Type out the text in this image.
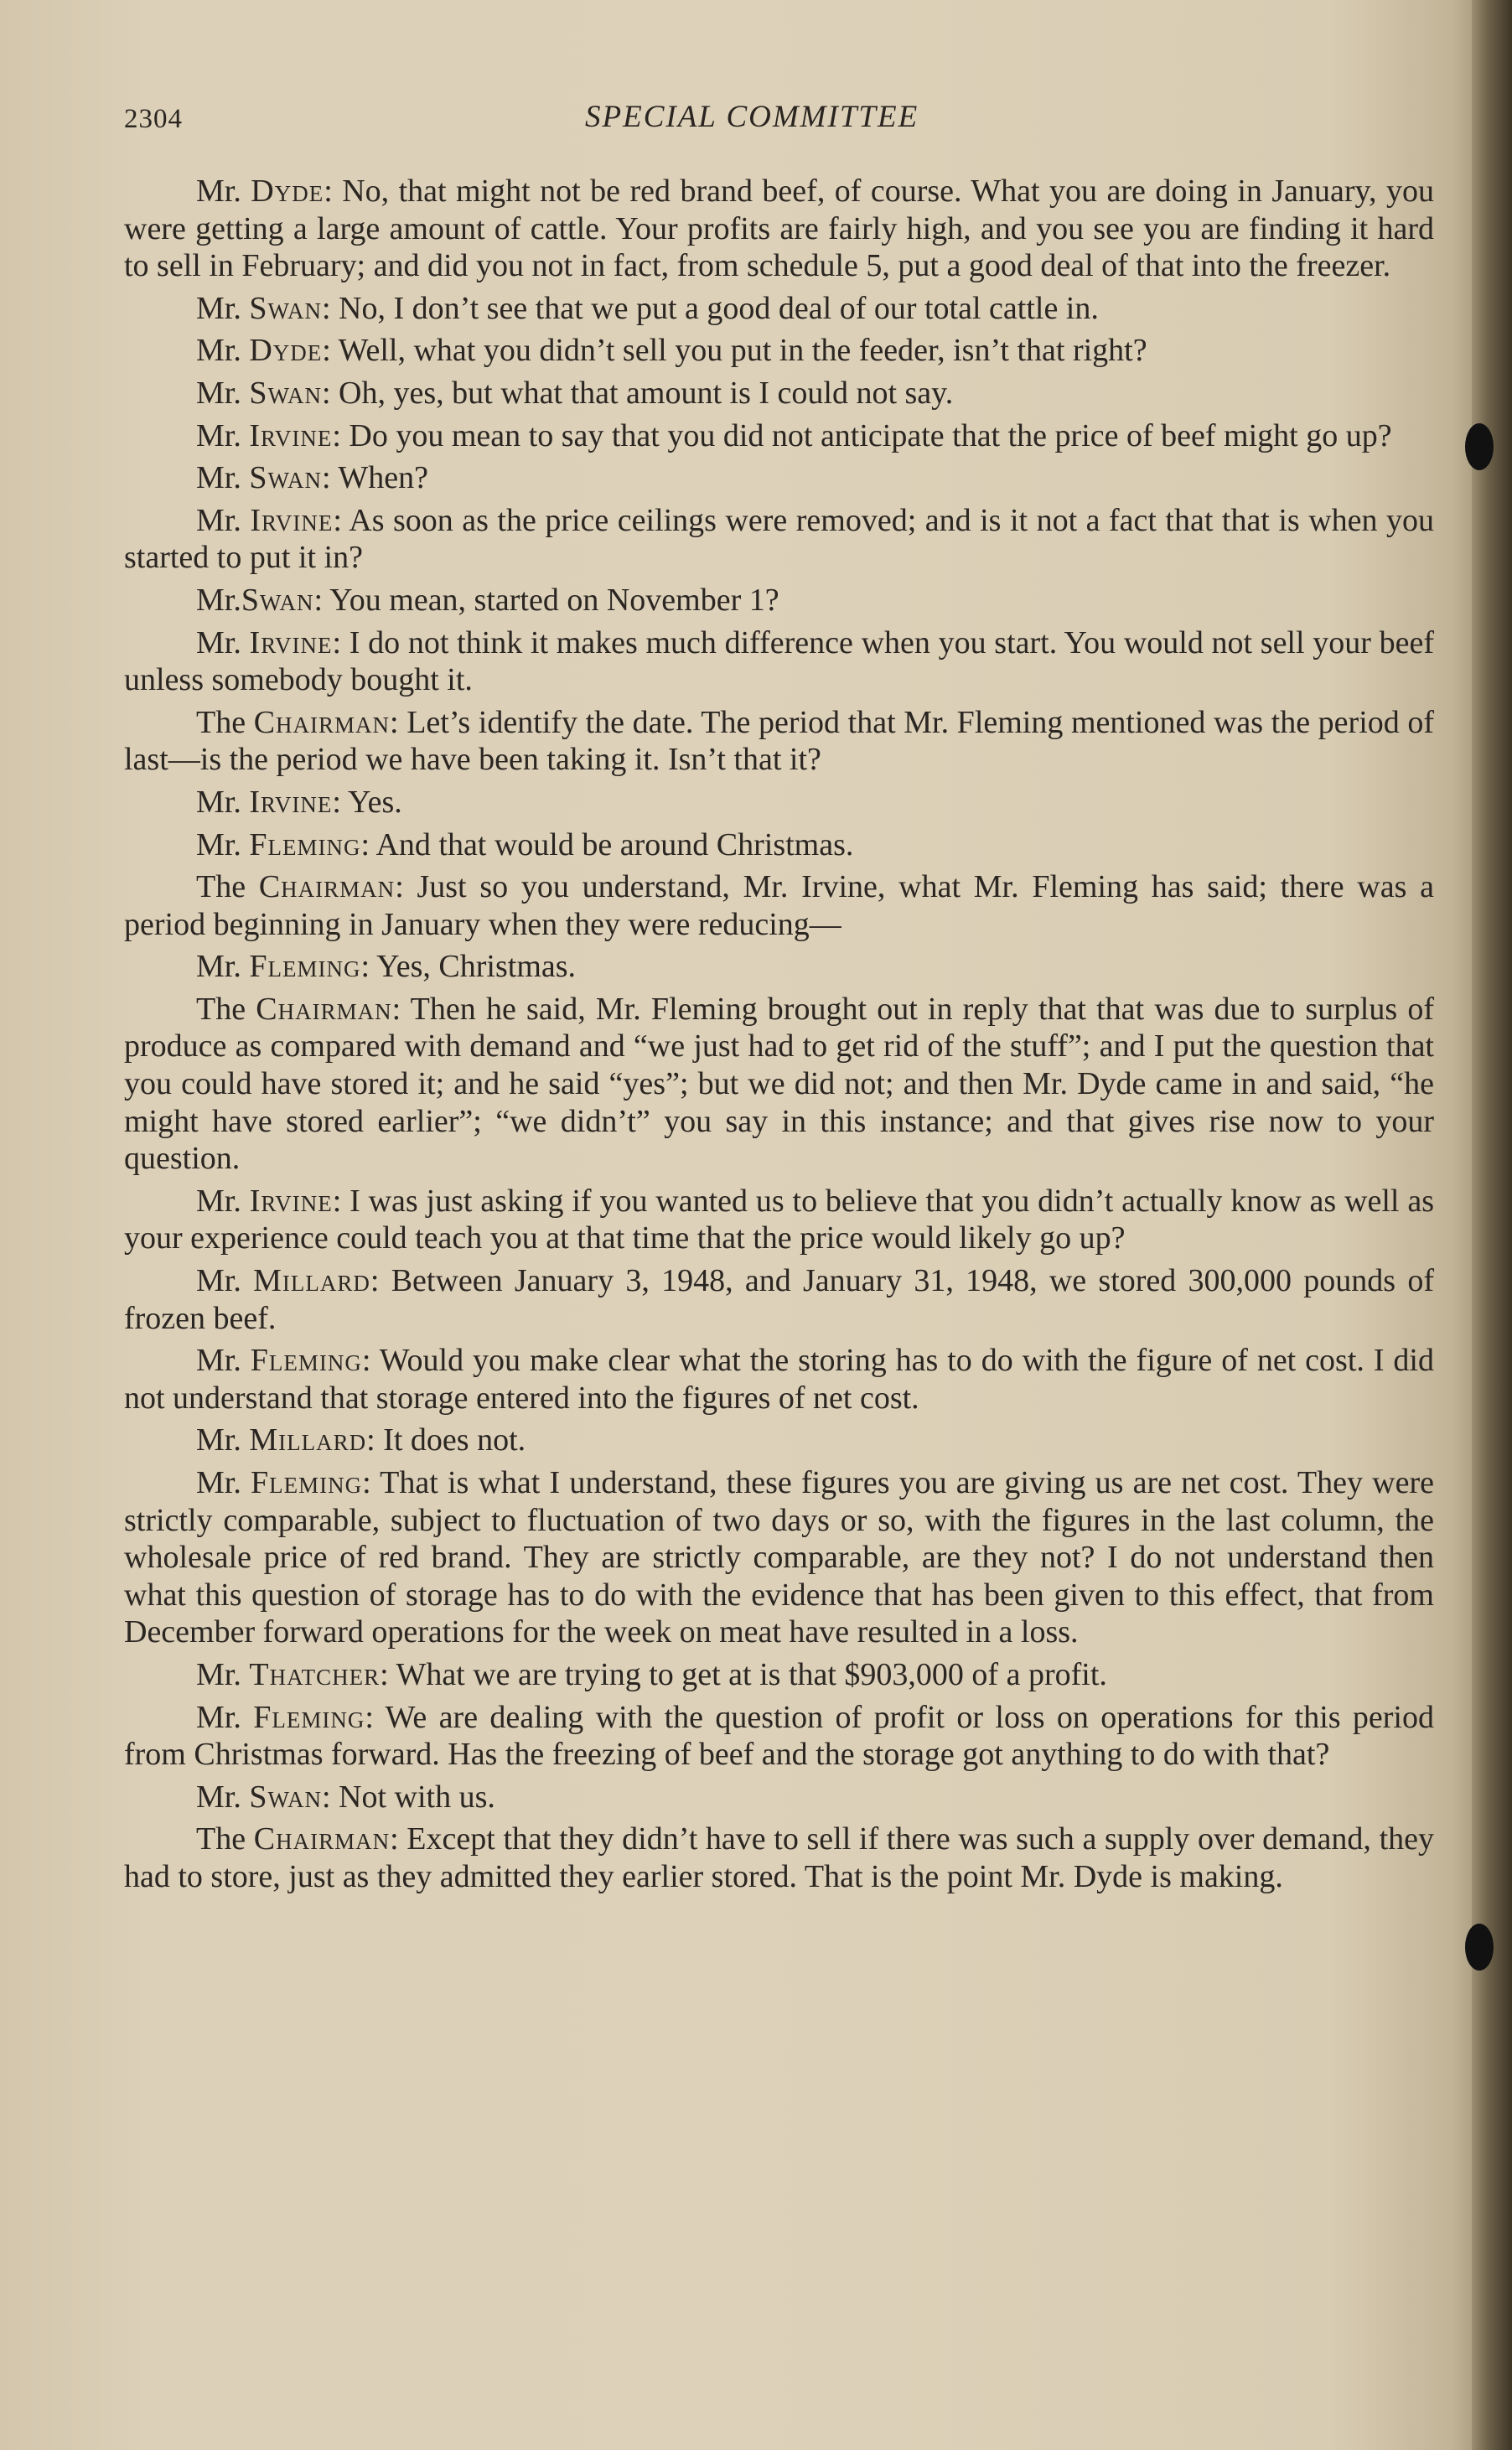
2304	SPECIAL COMMITTEE

Mr. Dyde: No, that might not be red brand beef, of course. What you are doing in January, you were getting a large amount of cattle. Your profits are fairly high, and you see you are finding it hard to sell in February; and did you not in fact, from schedule 5, put a good deal of that into the freezer.

Mr. Swan: No, I don’t see that we put a good deal of our total cattle in.

Mr. Dyde: Well, what you didn’t sell you put in the feeder, isn’t that right?

Mr. Swan: Oh, yes, but what that amount is I could not say.

Mr. Irvine: Do you mean to say that you did not anticipate that the price of beef might go up?

Mr. Swan: When?

Mr. Irvine: As soon as the price ceilings were removed; and is it not a fact that that is when you started to put it in?

Mr.Swan: You mean, started on November 1?

Mr. Irvine: I do not think it makes much difference when you start. You would not sell your beef unless somebody bought it.

The Chairman: Let’s identify the date. The period that Mr. Fleming mentioned was the period of last—is the period we have been taking it. Isn’t that it?

Mr. Irvine: Yes.

Mr. Fleming: And that would be around Christmas.

The Chairman: Just so you understand, Mr. Irvine, what Mr. Fleming has said; there was a period beginning in January when they were reducing—

Mr. Fleming: Yes, Christmas.

The Chairman: Then he said, Mr. Fleming brought out in reply that that was due to surplus of produce as compared with demand and “we just had to get rid of the stuff”; and I put the question that you could have stored it; and he said “yes”; but we did not; and then Mr. Dyde came in and said, “he might have stored earlier”; “we didn’t” you say in this instance; and that gives rise now to your question.

Mr. Irvine: I was just asking if you wanted us to believe that you didn’t actually know as well as your experience could teach you at that time that the price would likely go up?

Mr. Millard: Between January 3, 1948, and January 31, 1948, we stored 300,000 pounds of frozen beef.

Mr. Fleming: Would you make clear what the storing has to do with the figure of net cost. I did not understand that storage entered into the figures of net cost.

Mr. Millard: It does not.

Mr. Fleming: That is what I understand, these figures you are giving us are net cost. They were strictly comparable, subject to fluctuation of two days or so, with the figures in the last column, the wholesale price of red brand. They are strictly comparable, are they not? I do not understand then what this question of storage has to do with the evidence that has been given to this effect, that from December forward operations for the week on meat have resulted in a loss.

Mr. Thatcher: What we are trying to get at is that $903,000 of a profit.

Mr. Fleming: We are dealing with the question of profit or loss on operations for this period from Christmas forward. Has the freezing of beef and the storage got anything to do with that?

Mr. Swan: Not with us.

The Chairman: Except that they didn’t have to sell if there was such a supply over demand, they had to store, just as they admitted they earlier stored. That is the point Mr. Dyde is making.
